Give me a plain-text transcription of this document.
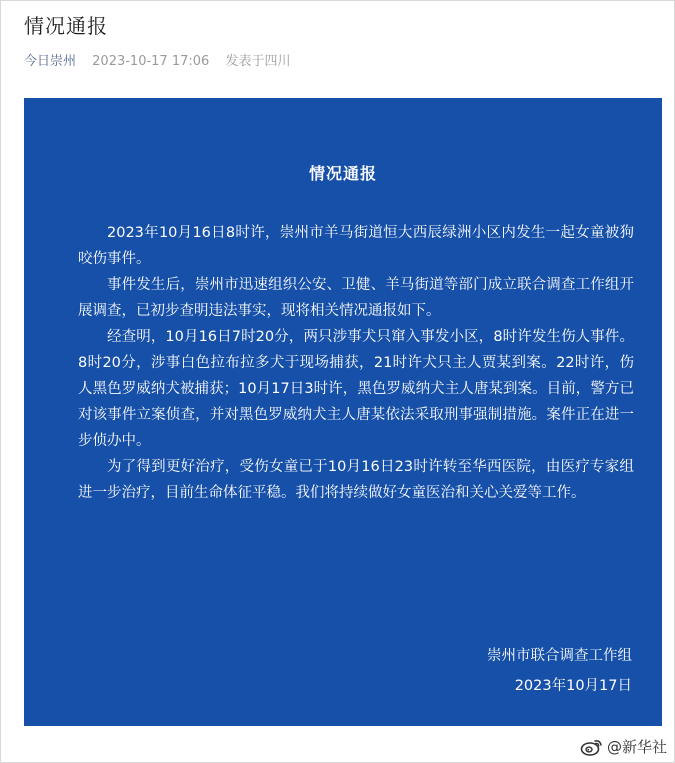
情况通报
今日崇州 2023-10-17 17:06 发表于四川
情况通报

2023年10月16日8时许，崇州市羊马街道恒大西辰绿洲小区内发生一起女童被狗咬伤事件。

事件发生后，崇州市迅速组织公安、卫健、羊马街道等部门成立联合调查工作组开展调查，已初步查明违法事实，现将相关情况通报如下。

经查明，10月16日7时20分，两只涉事犬只窜入事发小区，8时许发生伤人事件。8时20分，涉事白色拉布拉多犬于现场捕获，21时许犬只主人贾某到案。22时许，伤人黑色罗威纳犬被捕获；10月17日3时许，黑色罗威纳犬主人唐某到案。目前，警方已对该事件立案侦查，并对黑色罗威纳犬主人唐某依法采取刑事强制措施。案件正在进一步侦办中。

为了得到更好治疗，受伤女童已于10月16日23时许转至华西医院，由医疗专家组进一步治疗，目前生命体征平稳。我们将持续做好女童医治和关心关爱等工作。

崇州市联合调查工作组
2023年10月17日
@新华社
